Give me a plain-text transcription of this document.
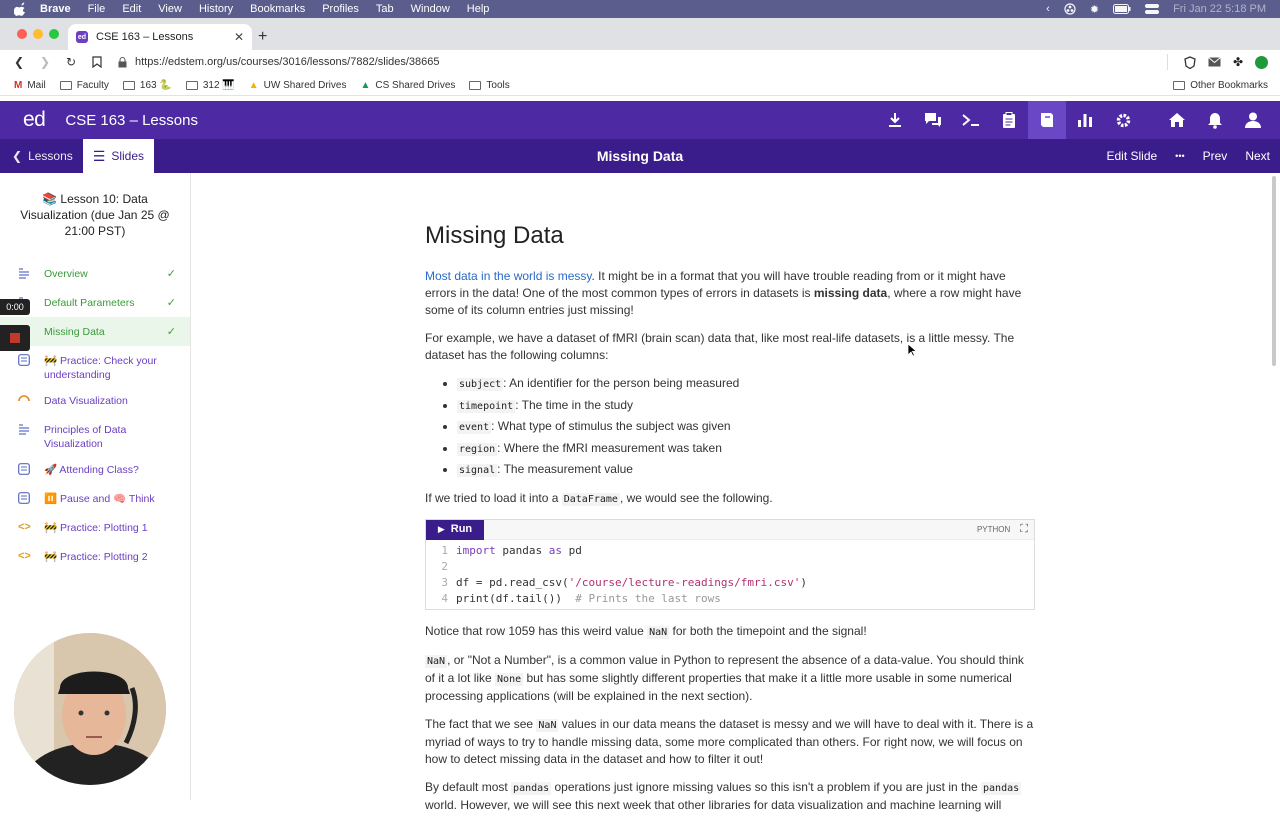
Brave File Edit View History Bookmarks Profiles Tab Window Help	‹	✹	Fri Jan 22 5:18 PM
ed CSE 163 – Lessons	✕ +
❮ ❯ ↻	https://edstem.org/us/courses/3016/lessons/7882/slides/38665	✤
M Mail	Faculty	163 🐍	312 🎹 ▲ UW Shared Drives ▲ CS Shared Drives	Tools	Other Bookmarks
ed CSE 163 – Lessons
❮ Lessons ☰ Slides	Missing Data	Edit Slide ••• Prev Next
📚 Lesson 10: Data Visualization (due Jan 25 @ 21:00 PST)
Overview	✓
Default Parameters	✓
Missing Data	✓
🚧 Practice: Check your understanding
Data Visualization
Principles of Data Visualization
🚀 Attending Class?
⏸️ Pause and 🧠 Think
<> 🚧 Practice: Plotting 1
<> 🚧 Practice: Plotting 2
0:00
Missing Data

Most data in the world is messy. It might be in a format that you will have trouble reading from or it might have errors in the data! One of the most common types of errors in datasets is missing data, where a row might have some of its column entries just missing!

For example, we have a dataset of fMRI (brain scan) data that, like most real-life datasets, is a little messy. The dataset has the following columns:

• subject : An identifier for the person being measured
• timepoint : The time in the study
• event : What type of stimulus the subject was given
• region : Where the fMRI measurement was taken
• signal : The measurement value

If we tried to load it into a DataFrame , we would see the following.

▶ Run	PYTHON ⛶
1 import pandas as pd
2
3 df = pd.read_csv('/course/lecture-readings/fmri.csv')
4 print(df.tail())  # Prints the last rows

Notice that row 1059 has this weird value NaN for both the timepoint and the signal!

NaN , or "Not a Number", is a common value in Python to represent the absence of a data-value. You should think of it a lot like None but has some slightly different properties that make it a little more usable in some numerical processing applications (will be explained in the next section).

The fact that we see NaN values in our data means the dataset is messy and we will have to deal with it. There is a myriad of ways to try to handle missing data, some more complicated than others. For right now, we will focus on how to detect missing data in the dataset and how to filter it out!

By default most pandas operations just ignore missing values so this isn't a problem if you are just in the pandas world. However, we will see this next week that other libraries for data visualization and machine learning will
